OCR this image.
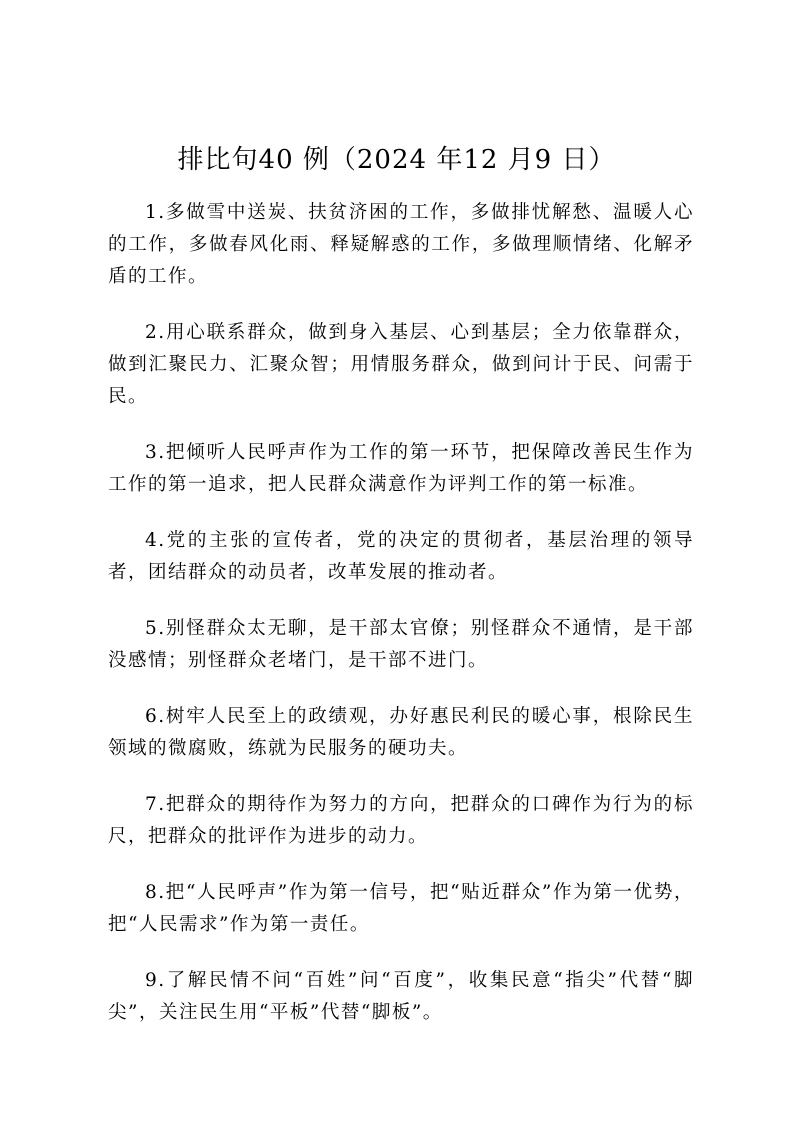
排比句40 例（2024 年12 月9 日）

1.多做雪中送炭、扶贫济困的工作，多做排忧解愁、温暖人心的工作，多做春风化雨、释疑解惑的工作，多做理顺情绪、化解矛盾的工作。

2.用心联系群众，做到身入基层、心到基层；全力依靠群众，做到汇聚民力、汇聚众智；用情服务群众，做到问计于民、问需于民。

3.把倾听人民呼声作为工作的第一环节，把保障改善民生作为工作的第一追求，把人民群众满意作为评判工作的第一标准。

4.党的主张的宣传者，党的决定的贯彻者，基层治理的领导者，团结群众的动员者，改革发展的推动者。

5.别怪群众太无聊，是干部太官僚；别怪群众不通情，是干部没感情；别怪群众老堵门，是干部不进门。

6.树牢人民至上的政绩观，办好惠民利民的暖心事，根除民生领域的微腐败，练就为民服务的硬功夫。

7.把群众的期待作为努力的方向，把群众的口碑作为行为的标尺，把群众的批评作为进步的动力。

8.把“人民呼声”作为第一信号，把“贴近群众”作为第一优势，把“人民需求”作为第一责任。

9.了解民情不问“百姓”问“百度”，收集民意“指尖”代替“脚尖”，关注民生用“平板”代替“脚板”。
